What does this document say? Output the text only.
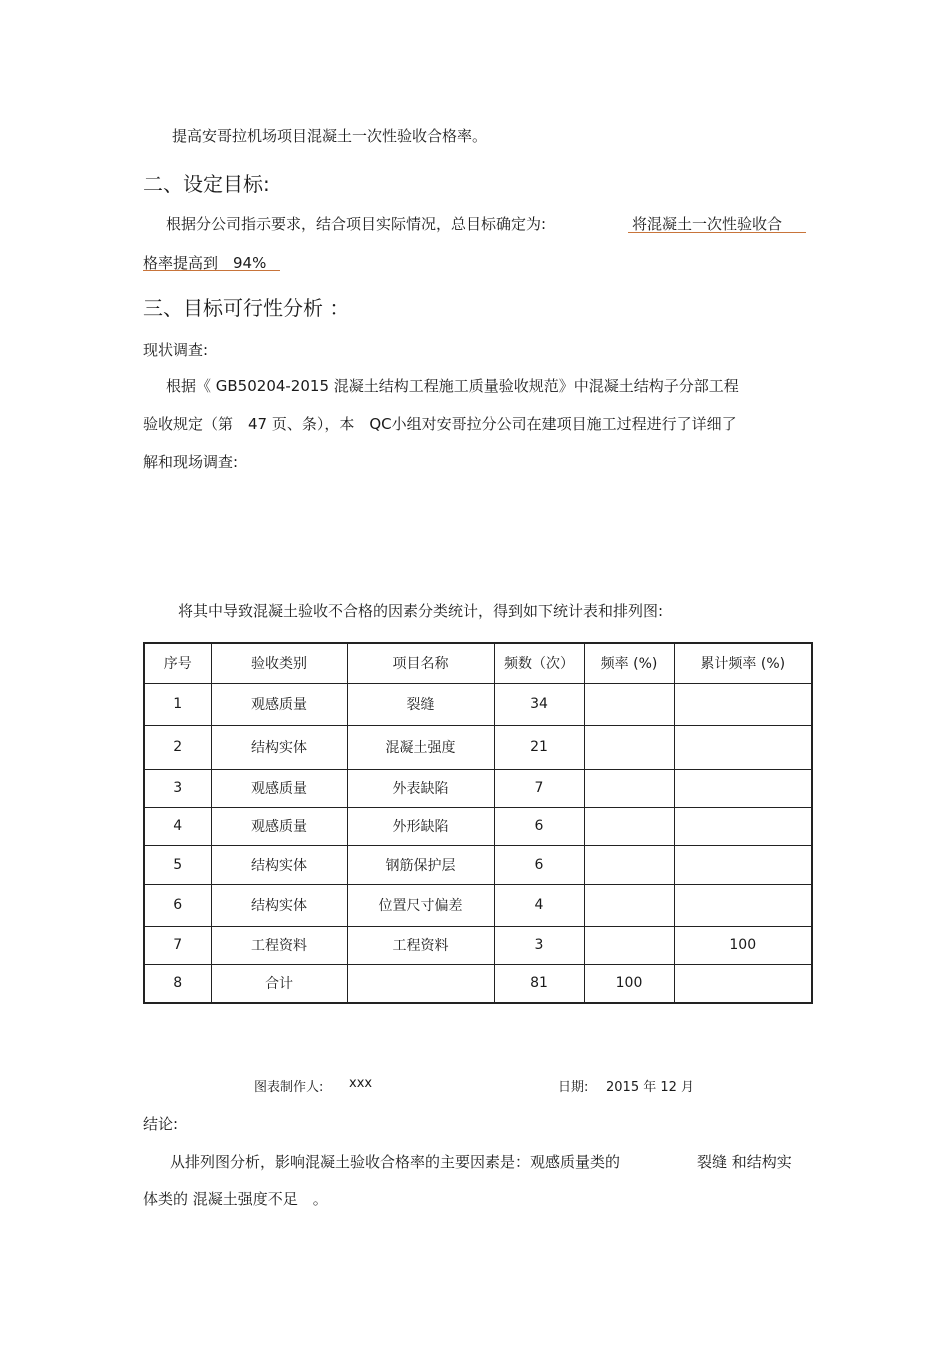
提高安哥拉机场项目混凝土一次性验收合格率。
二、设定目标:
根据分公司指示要求，结合项目实际情况，总目标确定为:	将混凝土一次性验收合
格率提高到　94%
三、目标可行性分析 ：
现状调查:
根据《 GB50204-2015 混凝土结构工程施工质量验收规范》中混凝土结构子分部工程
验收规定（第　47 页、条），本　QC小组对安哥拉分公司在建项目施工过程进行了详细了
解和现场调查:
将其中导致混凝土验收不合格的因素分类统计，得到如下统计表和排列图:
序号	验收类别	项目名称	频数（次）	频率 (%)	累计频率 (%)
1	观感质量	裂缝	34		
2	结构实体	混凝土强度	21		
3	观感质量	外表缺陷	7		
4	观感质量	外形缺陷	6		
5	结构实体	钢筋保护层	6		
6	结构实体	位置尺寸偏差	4		
7	工程资料	工程资料	3		100
8	合计		81	100	
图表制作人: xxx	日期: 2015 年 12 月
结论:
从排列图分析，影响混凝土验收合格率的主要因素是：观感质量类的	裂缝 和结构实
体类的 混凝土强度不足　。
